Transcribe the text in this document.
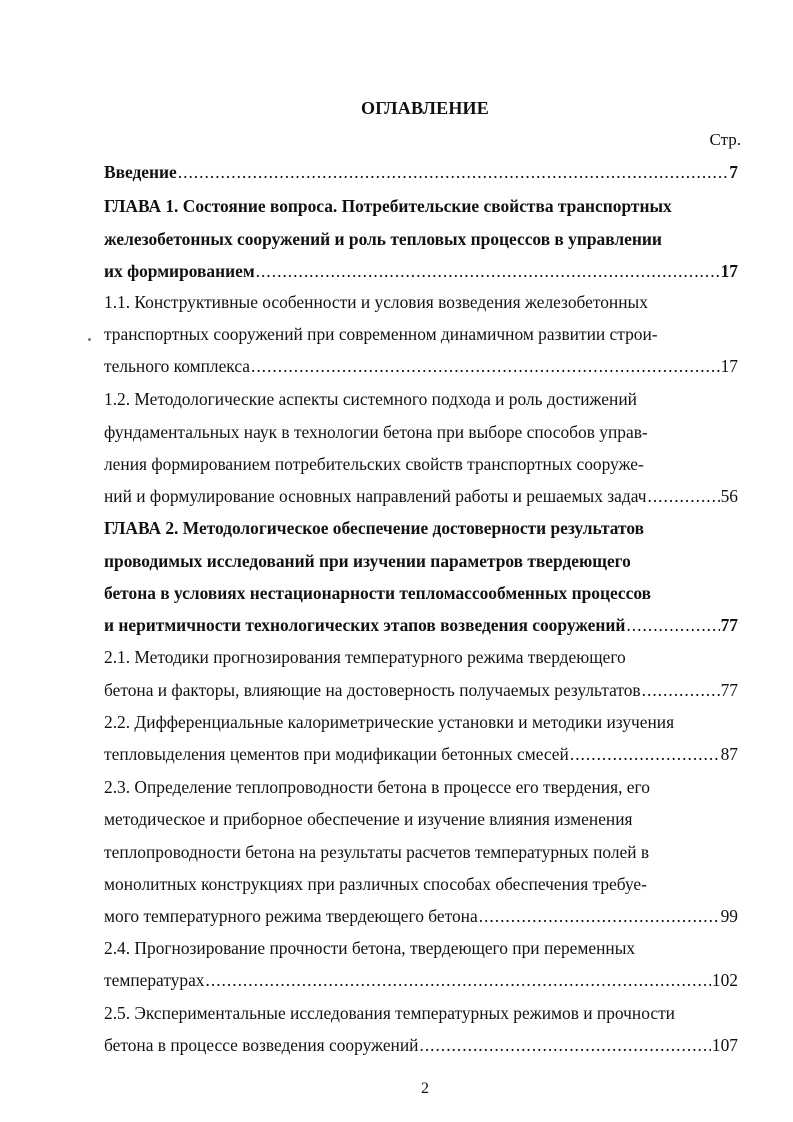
ОГЛАВЛЕНИЕ
Стр.
Введение .....	7
ГЛАВА 1. Состояние вопроса. Потребительские свойства транспортных
железобетонных сооружений и роль тепловых процессов в управлении
их формированием .....	17
1.1. Конструктивные особенности и условия возведения железобетонных
транспортных сооружений при современном динамичном развитии строи-
тельного комплекса .....	17
1.2. Методологические аспекты системного подхода и роль достижений
фундаментальных наук в технологии бетона при выборе способов управ-
ления формированием потребительских свойств транспортных сооруже-
ний и формулирование основных направлений работы и решаемых задач .....	56
ГЛАВА 2. Методологическое обеспечение достоверности результатов
проводимых исследований при изучении параметров твердеющего
бетона в условиях нестационарности тепломассообменных процессов
и неритмичности технологических этапов возведения сооружений .....	77
2.1. Методики прогнозирования температурного режима твердеющего
бетона и факторы, влияющие на достоверность получаемых результатов .....	77
2.2. Дифференциальные калориметрические установки и методики изучения
тепловыделения цементов при модификации бетонных смесей .....	87
2.3. Определение теплопроводности бетона в процессе его твердения, его
методическое и приборное обеспечение и изучение влияния изменения
теплопроводности бетона на результаты расчетов температурных полей в
монолитных конструкциях при различных способах обеспечения требуе-
мого температурного режима твердеющего бетона .....	99
2.4. Прогнозирование прочности бетона, твердеющего при переменных
температурах .....	102
2.5. Экспериментальные исследования температурных режимов и прочности
бетона в процессе возведения сооружений .....	107
2
